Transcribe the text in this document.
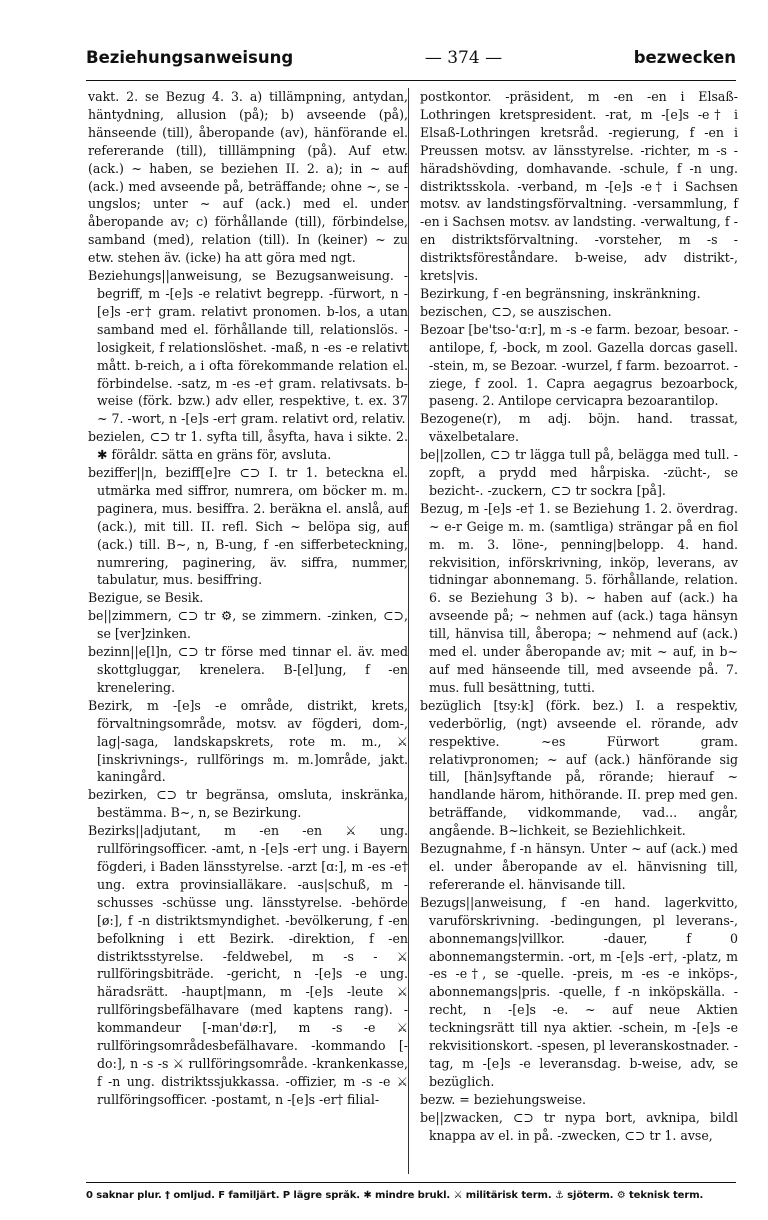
Beziehungsanweisung	— 374 —	bezwecken

vakt. 2. se Bezug 4. 3. a) tillämpning, antydan, häntydning, allusion (på); b) avseende (på), hänseende (till), åberopande (av), hänförande el. refererande (till), tilllämpning (på). Auf etw. (ack.) ~ haben, se beziehen II. 2. a); in ~ auf (ack.) med avseende på, beträffande; ohne ~, se -ungslos; unter ~ auf (ack.) med el. under åberopande av; c) förhållande (till), förbindelse, samband (med), relation (till). In (keiner) ~ zu etw. stehen äv. (icke) ha att göra med ngt.

Beziehungs||anweisung, se Bezugsanweisung. -begriff, m -[e]s -e relativt begrepp. -fürwort, n -[e]s -er† gram. relativt pronomen. b-los, a utan samband med el. förhållande till, relationslös. -losigkeit, f relationslöshet. -maß, n -es -e relativt mått. b-reich, a i ofta förekommande relation el. förbindelse. -satz, m -es -e† gram. relativsats. b-weise (förk. bzw.) adv eller, respektive, t. ex. 37 ~ 7. -wort, n -[e]s -er† gram. relativt ord, relativ.

bezielen, ⊂⊃ tr 1. syfta till, åsyfta, hava i sikte. 2. ✱ förâldr. sätta en gräns för, avsluta.

beziffer||n, beziff[e]re ⊂⊃ I. tr 1. beteckna el. utmärka med siffror, numrera, om böcker m. m. paginera, mus. besiffra. 2. beräkna el. anslå, auf (ack.), mit till. II. refl. Sich ~ belöpa sig, auf (ack.) till. B~, n, B-ung, f -en sifferbeteckning, numrering, paginering, äv. siffra, nummer, tabulatur, mus. besiffring.

Bezigue, se Besik.

be||zimmern, ⊂⊃ tr ⚙, se zimmern. -zinken, ⊂⊃, se [ver]zinken.

bezinn||e[l]n, ⊂⊃ tr förse med tinnar el. äv. med skottgluggar, krenelera. B-[el]ung, f -en krenelering.

Bezirk, m -[e]s -e område, distrikt, krets, förvaltningsområde, motsv. av fögderi, dom-, lag|-saga, landskapskrets, rote m. m., ⚔ [inskrivnings-, rullförings m. m.]område, jakt. kaningård.

bezirken, ⊂⊃ tr begränsa, omsluta, inskränka, bestämma. B~, n, se Bezirkung.

Bezirks||adjutant, m -en -en ⚔ ung. rullföringsofficer. -amt, n -[e]s -er† ung. i Bayern fögderi, i Baden länsstyrelse. -arzt [ɑ:], m -es -e† ung. extra provinsialläkare. -aus|schuß, m -schusses -schüsse ung. länsstyrelse. -behörde [ø:], f -n distriktsmyndighet. -bevölkerung, f -en befolkning i ett Bezirk. -direktion, f -en distriktsstyrelse. -feldwebel, m -s - ⚔ rullföringsbiträde. -gericht, n -[e]s -e ung. häradsrätt. -haupt|mann, m -[e]s -leute ⚔ rullföringsbefälhavare (med kaptens rang). -kommandeur [-man'dø:r], m -s -e ⚔ rullföringsområdesbefälhavare. -kommando [-do:], n -s -s ⚔ rullföringsområde. -krankenkasse, f -n ung. distriktssjukkassa. -offizier, m -s -e ⚔ rullföringsofficer. -postamt, n -[e]s -er† filial-

postkontor. -präsident, m -en -en i Elsaß-Lothringen kretspresident. -rat, m -[e]s -e† i Elsaß-Lothringen kretsråd. -regierung, f -en i Preussen motsv. av länsstyrelse. -richter, m -s - häradshövding, domhavande. -schule, f -n ung. distriktsskola. -verband, m -[e]s -e† i Sachsen motsv. av landstingsförvaltning. -versammlung, f -en i Sachsen motsv. av landsting. -verwaltung, f -en distriktsförvaltning. -vorsteher, m -s - distriktsföreståndare. b-weise, adv distrikt-, krets|vis.

Bezirkung, f -en begränsning, inskränkning.

bezischen, ⊂⊃, se auszischen.

Bezoar [be'tso-'ɑ:r], m -s -e farm. bezoar, besoar. -antilope, f, -bock, m zool. Gazella dorcas gasell. -stein, m, se Bezoar. -wurzel, f farm. bezoarrot. -ziege, f zool. 1. Capra aegagrus bezoarbock, paseng. 2. Antilope cervicapra bezoarantilop.

Bezogene(r), m adj. böjn. hand. trassat, växelbetalare.

be||zollen, ⊂⊃ tr lägga tull på, belägga med tull. -zopft, a prydd med hårpiska. -zücht-, se bezicht-. -zuckern, ⊂⊃ tr sockra [på].

Bezug, m -[e]s -e† 1. se Beziehung 1. 2. överdrag. ~ e-r Geige m. m. (samtliga) strängar på en fiol m. m. 3. löne-, penning|belopp. 4. hand. rekvisition, införskrivning, inköp, leverans, av tidningar abonnemang. 5. förhållande, relation. 6. se Beziehung 3 b). ~ haben auf (ack.) ha avseende på; ~ nehmen auf (ack.) taga hänsyn till, hänvisa till, åberopa; ~ nehmend auf (ack.) med el. under åberopande av; mit ~ auf, in b~ auf med hänseende till, med avseende på. 7. mus. full besättning, tutti.

bezüglich [tsy:k] (förk. bez.) I. a respektiv, vederbörlig, (ngt) avseende el. rörande, adv respektive. ~es Fürwort gram. relativpronomen; ~ auf (ack.) hänförande sig till, [hän]syftande på, rörande; hierauf ~ handlande härom, hithörande. II. prep med gen. beträffande, vidkommande, vad... angår, angående. B~lichkeit, se Beziehlichkeit.

Bezugnahme, f -n hänsyn. Unter ~ auf (ack.) med el. under åberopande av el. hänvisning till, refererande el. hänvisande till.

Bezugs||anweisung, f -en hand. lagerkvitto, varuförskrivning. -bedingungen, pl leverans-, abonnemangs|villkor. -dauer, f 0 abonnemangstermin. -ort, m -[e]s -er†, -platz, m -es -e†, se -quelle. -preis, m -es -e inköps-, abonnemangs|pris. -quelle, f -n inköpskälla. -recht, n -[e]s -e. ~ auf neue Aktien teckningsrätt till nya aktier. -schein, m -[e]s -e rekvisitionskort. -spesen, pl leveranskostnader. -tag, m -[e]s -e leveransdag. b-weise, adv, se bezüglich.

bezw. = beziehungsweise.

be||zwacken, ⊂⊃ tr nypa bort, avknipa, bildl knappa av el. in på. -zwecken, ⊂⊃ tr 1. avse,

0 saknar plur. † omljud. F familjärt. P lägre språk. ✱ mindre brukl. ⚔ militärisk term. ⚓ sjöterm. ⚙ teknisk term.
